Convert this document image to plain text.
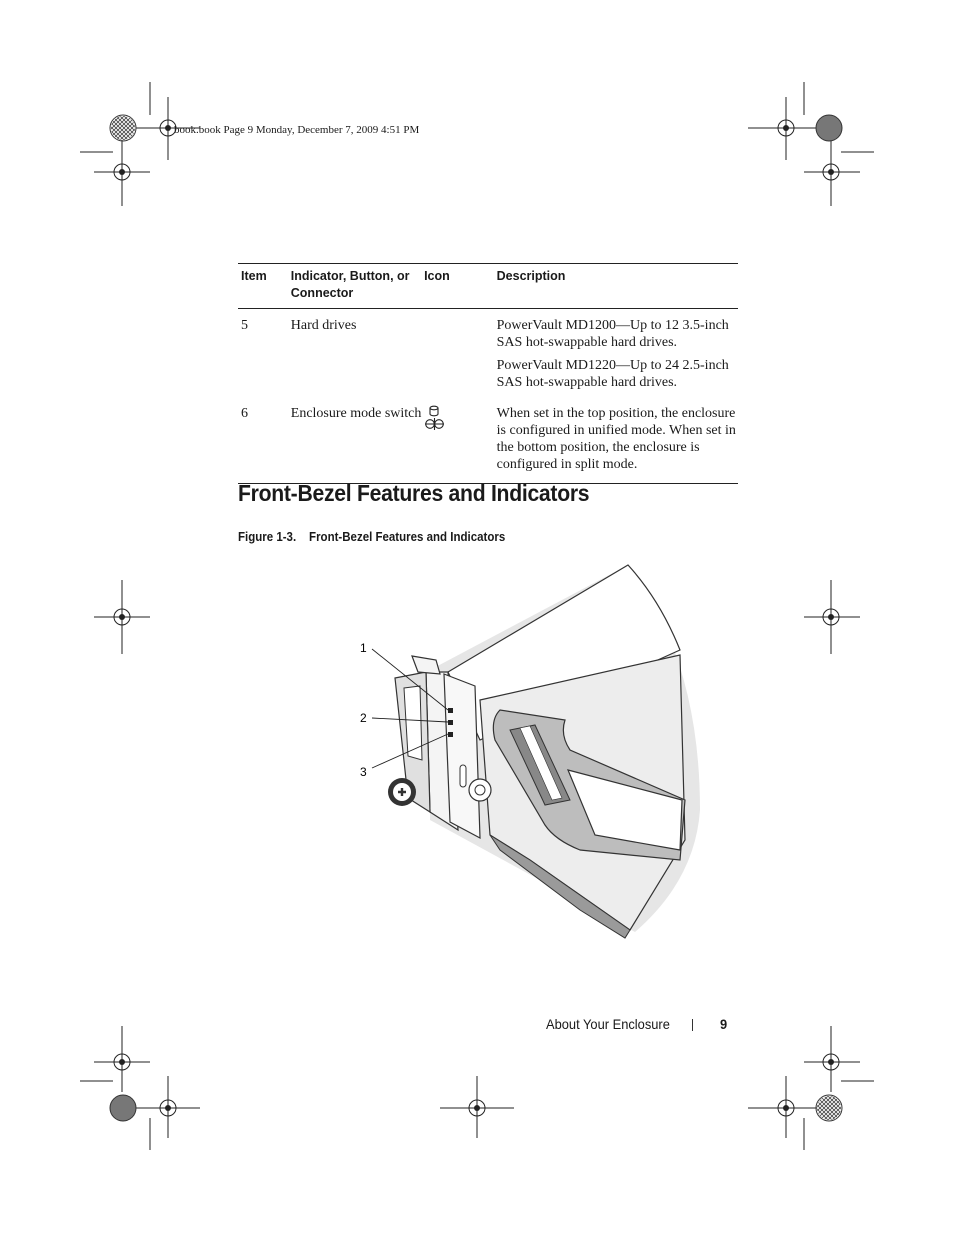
book.book Page 9 Monday, December 7, 2009 4:51 PM
Item	Indicator, Button, or Connector	Icon	Description
5	Hard drives		PowerVault MD1200—Up to 12 3.5-inch SAS hot-swappable hard drives.

PowerVault MD1220—Up to 24 2.5-inch SAS hot-swappable hard drives.

6	Enclosure mode switch		When set in the top position, the enclosure is configured in unified mode. When set in the bottom position, the enclosure is configured in split mode.

Front-Bezel Features and Indicators
Figure 1-3. Front-Bezel Features and Indicators
1
2
3
About Your Enclosure	9
